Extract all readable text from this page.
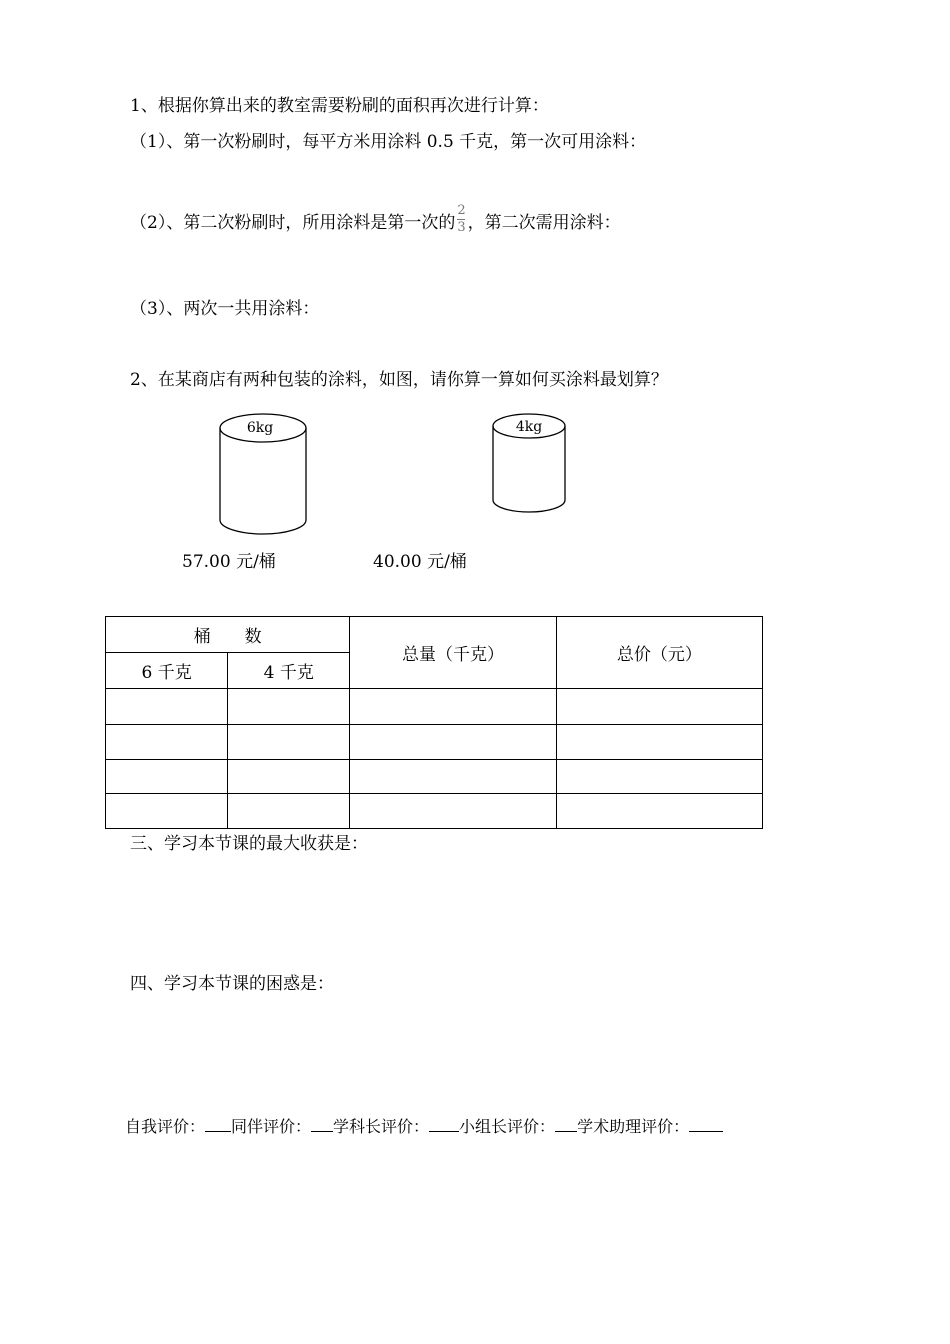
1、根据你算出来的教室需要粉刷的面积再次进行计算：
（1）、第一次粉刷时，每平方米用涂料 0.5 千克，第一次可用涂料：
（2）、第二次粉刷时，所用涂料是第一次的 $\frac{2}{3}$ ，第二次需用涂料：
（3）、两次一共用涂料：
2、在某商店有两种包装的涂料，如图，请你算一算如何买涂料最划算？
6kg	4kg
57.00 元/桶	40.00 元/桶
桶　　数		总量（千克）	总价（元）
6 千克	4 千克		

三、学习本节课的最大收获是：
四、学习本节课的困惑是：
自我评价： 同伴评价： 学科长评价： 小组长评价： 学术助理评价：
